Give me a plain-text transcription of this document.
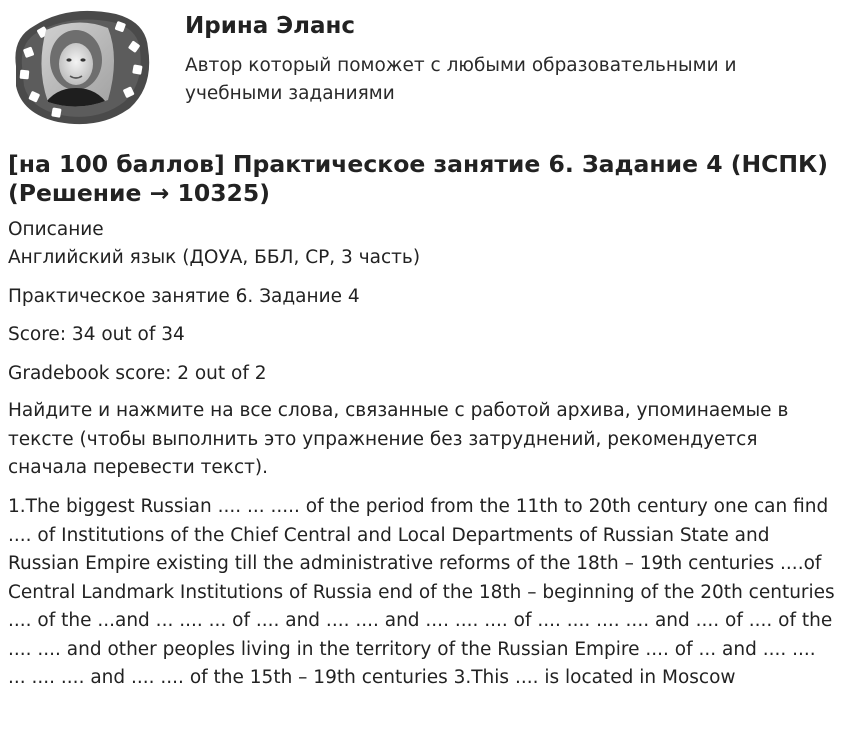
Ирина Эланс
Автор который поможет с любыми образовательными и учебными заданиями
[на 100 баллов] Практическое занятие 6. Задание 4 (НСПК) (Решение → 10325)
Описание
Английский язык (ДОУА, ББЛ, СР, 3 часть)
Практическое занятие 6. Задание 4
Score: 34 out of 34
Gradebook score: 2 out of 2
Найдите и нажмите на все слова, связанные с работой архива, упоминаемые в тексте (чтобы выполнить это упражнение без затруднений, рекомендуется сначала перевести текст).
1.The biggest Russian .... ... ..... of the period from the 11th to 20th century one can find .... of Institutions of the Chief Central and Local Departments of Russian State and Russian Empire existing till the administrative reforms of the 18th – 19th centuries ....of Central Landmark Institutions of Russia end of the 18th – beginning of the 20th centuries .... of the ...and ... .... ... of .... and .... .... and .... .... .... of .... .... .... .... and .... of .... of the .... .... and other peoples living in the territory of the Russian Empire .... of ... and .... .... ... .... .... and .... .... of the 15th – 19th centuries 3.This .... is located in Moscow
